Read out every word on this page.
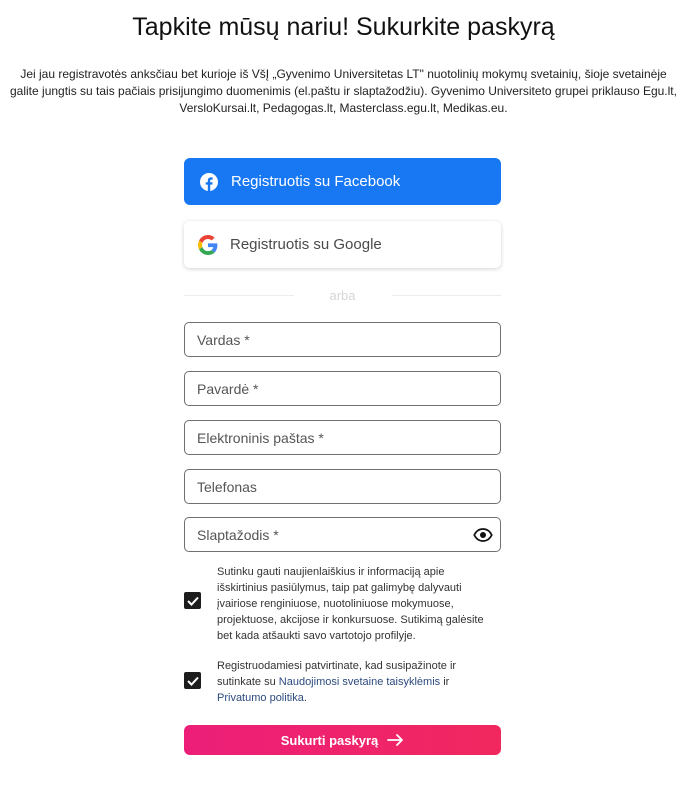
Tapkite mūsų nariu! Sukurkite paskyrą
Jei jau registravotės anksčiau bet kurioje iš VšĮ „Gyvenimo Universitetas LT" nuotolinių mokymų svetainių, šioje svetainėje galite jungtis su tais pačiais prisijungimo duomenimis (el.paštu ir slaptažodžiu). Gyvenimo Universiteto grupei priklauso Egu.lt, VersloKursai.lt, Pedagogas.lt, Masterclass.egu.lt, Medikas.eu.
Registruotis su Facebook
Registruotis su Google
arba
Vardas *
Pavardė *
Elektroninis paštas *
Telefonas
Sutinku gauti naujienlaiškius ir informaciją apie išskirtinius pasiūlymus, taip pat galimybę dalyvauti įvairiose renginiuose, nuotoliniuose mokymuose, projektuose, akcijose ir konkursuose. Sutikimą galėsite bet kada atšaukti savo vartotojo profilyje.
Registruodamiesi patvirtinate, kad susipažinote ir sutinkate su Naudojimosi svetaine taisyklėmis ir Privatumo politika.
Sukurti paskyrą
